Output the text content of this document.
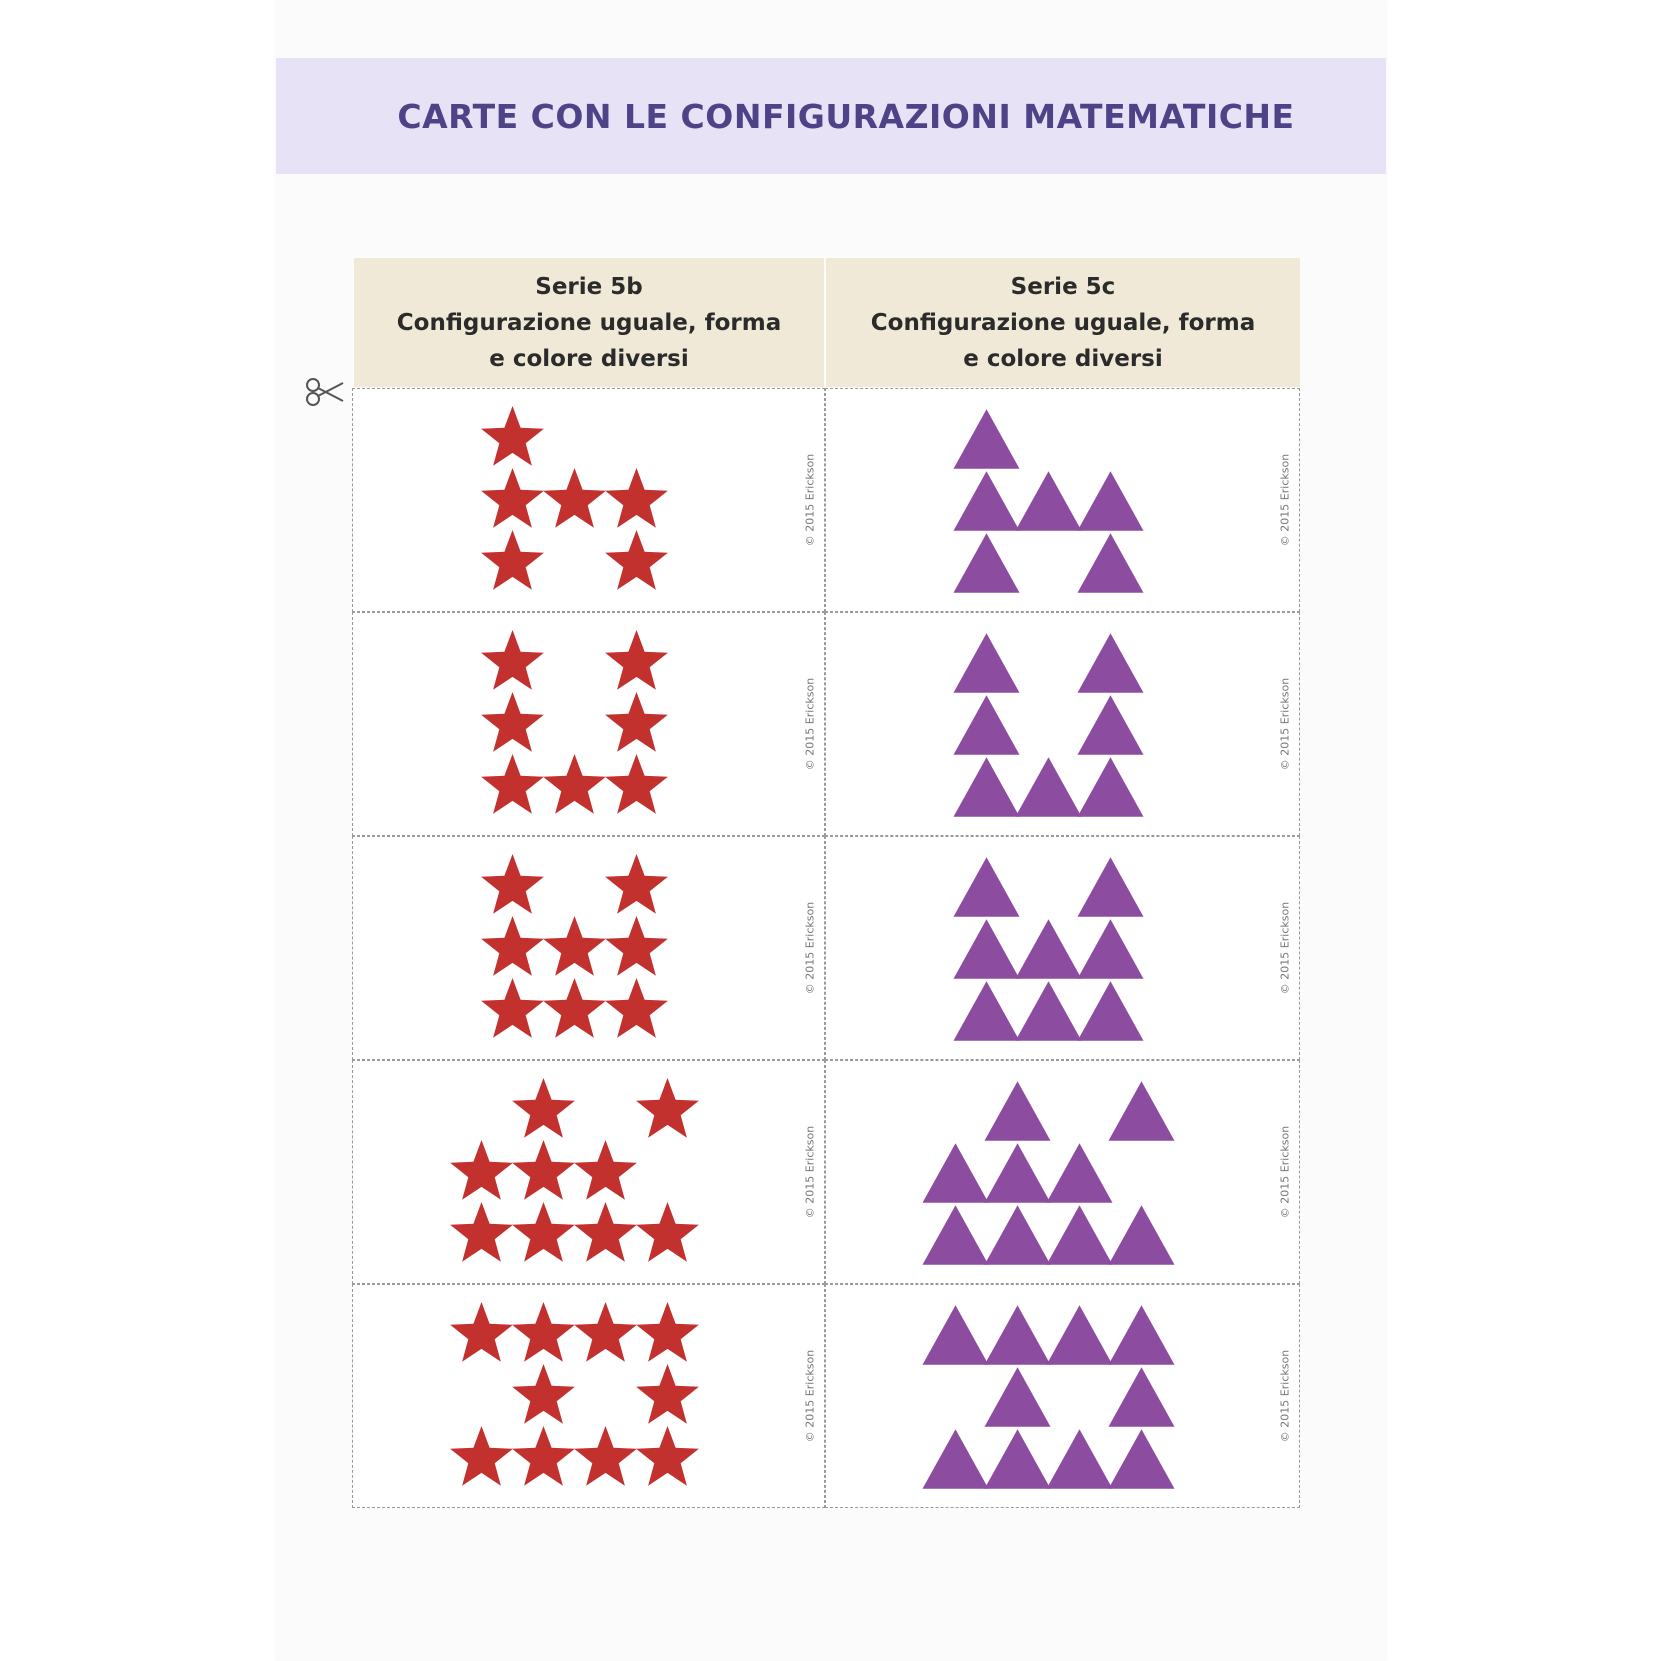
CARTE CON LE CONFIGURAZIONI MATEMATICHE
Serie 5b
Configurazione uguale, forma
e colore diversi
Serie 5c
Configurazione uguale, forma
e colore diversi
© 2015 Erickson	© 2015 Erickson
© 2015 Erickson	© 2015 Erickson
© 2015 Erickson	© 2015 Erickson
© 2015 Erickson	© 2015 Erickson
© 2015 Erickson	© 2015 Erickson
